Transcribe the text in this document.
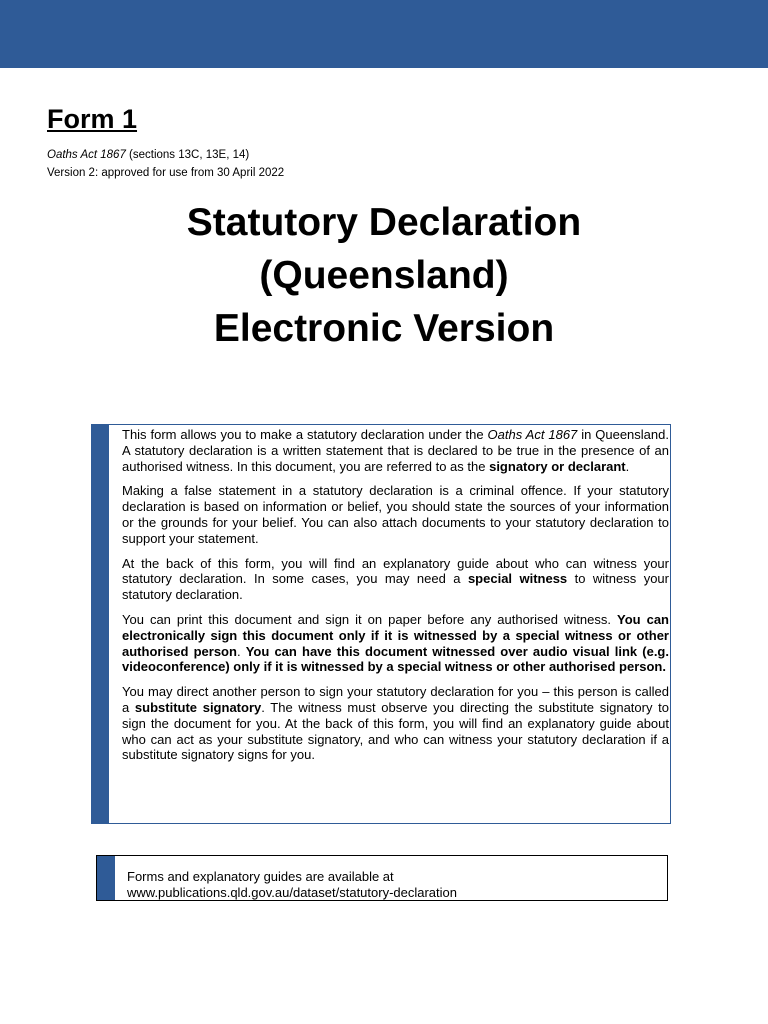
Form 1
Oaths Act 1867 (sections 13C, 13E, 14)
Version 2: approved for use from 30 April 2022
Statutory Declaration
(Queensland)
Electronic Version

This form allows you to make a statutory declaration under the Oaths Act 1867 in Queensland. A statutory declaration is a written statement that is declared to be true in the presence of an authorised witness. In this document, you are referred to as the signatory or declarant.

Making a false statement in a statutory declaration is a criminal offence. If your statutory declaration is based on information or belief, you should state the sources of your information or the grounds for your belief. You can also attach documents to your statutory declaration to support your statement.

At the back of this form, you will find an explanatory guide about who can witness your statutory declaration. In some cases, you may need a special witness to witness your statutory declaration.

You can print this document and sign it on paper before any authorised witness. You can electronically sign this document only if it is witnessed by a special witness or other authorised person. You can have this document witnessed over audio visual link (e.g. videoconference) only if it is witnessed by a special witness or other authorised person.

You may direct another person to sign your statutory declaration for you – this person is called a substitute signatory. The witness must observe you directing the substitute signatory to sign the document for you. At the back of this form, you will find an explanatory guide about who can act as your substitute signatory, and who can witness your statutory declaration if a substitute signatory signs for you.

Forms and explanatory guides are available at
www.publications.qld.gov.au/dataset/statutory-declaration
